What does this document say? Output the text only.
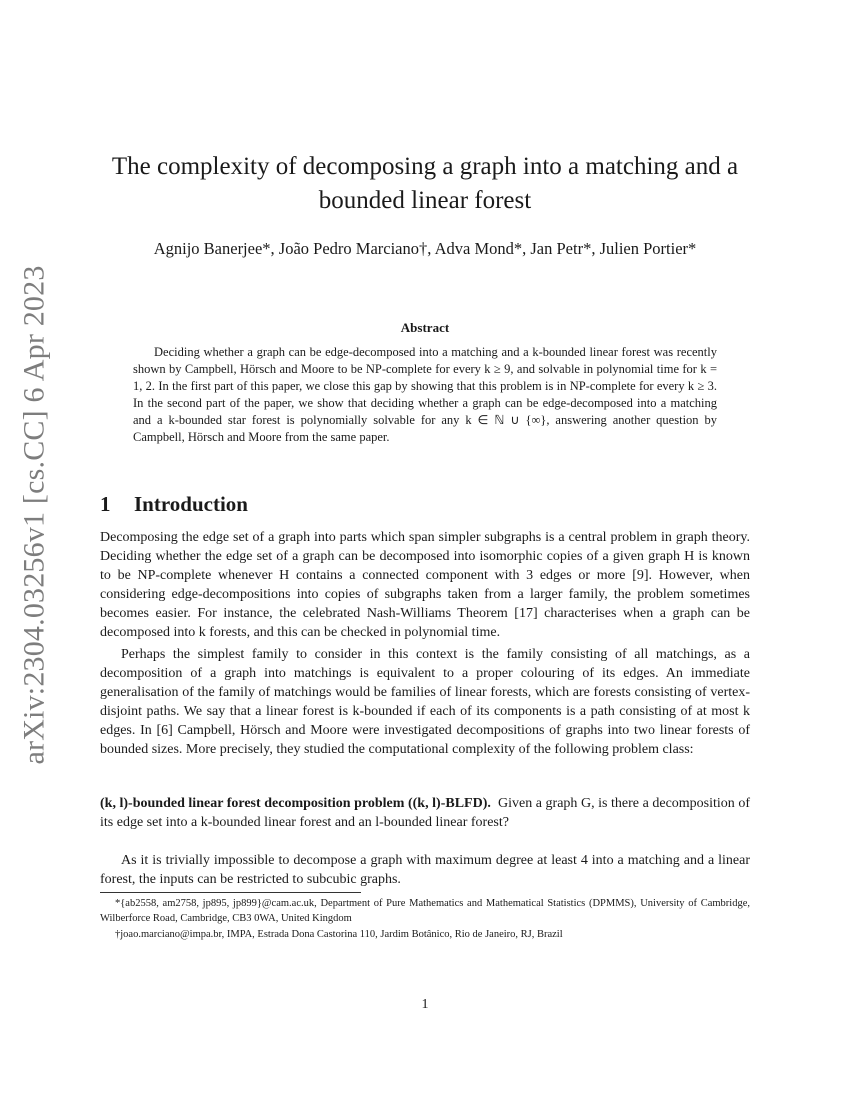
arXiv:2304.03256v1 [cs.CC] 6 Apr 2023
The complexity of decomposing a graph into a matching and a bounded linear forest

Agnijo Banerjee*, João Pedro Marciano†, Adva Mond*, Jan Petr*, Julien Portier*

Abstract

Deciding whether a graph can be edge-decomposed into a matching and a k-bounded linear forest was recently shown by Campbell, Hörsch and Moore to be NP-complete for every k ≥ 9, and solvable in polynomial time for k = 1, 2. In the first part of this paper, we close this gap by showing that this problem is in NP-complete for every k ≥ 3. In the second part of the paper, we show that deciding whether a graph can be edge-decomposed into a matching and a k-bounded star forest is polynomially solvable for any k ∈ ℕ ∪ {∞}, answering another question by Campbell, Hörsch and Moore from the same paper.

1 Introduction

Decomposing the edge set of a graph into parts which span simpler subgraphs is a central problem in graph theory. Deciding whether the edge set of a graph can be decomposed into isomorphic copies of a given graph H is known to be NP-complete whenever H contains a connected component with 3 edges or more [9]. However, when considering edge-decompositions into copies of subgraphs taken from a larger family, the problem sometimes becomes easier. For instance, the celebrated Nash-Williams Theorem [17] characterises when a graph can be decomposed into k forests, and this can be checked in polynomial time.

Perhaps the simplest family to consider in this context is the family consisting of all matchings, as a decomposition of a graph into matchings is equivalent to a proper colouring of its edges. An immediate generalisation of the family of matchings would be families of linear forests, which are forests consisting of vertex-disjoint paths. We say that a linear forest is k-bounded if each of its components is a path consisting of at most k edges. In [6] Campbell, Hörsch and Moore were investigated decompositions of graphs into two linear forests of bounded sizes. More precisely, they studied the computational complexity of the following problem class:

(k, l)-bounded linear forest decomposition problem ((k, l)-BLFD). Given a graph G, is there a decomposition of its edge set into a k-bounded linear forest and an l-bounded linear forest?

As it is trivially impossible to decompose a graph with maximum degree at least 4 into a matching and a linear forest, the inputs can be restricted to subcubic graphs.

*{ab2558, am2758, jp895, jp899}@cam.ac.uk, Department of Pure Mathematics and Mathematical Statistics (DPMMS), University of Cambridge, Wilberforce Road, Cambridge, CB3 0WA, United Kingdom

†joao.marciano@impa.br, IMPA, Estrada Dona Castorina 110, Jardim Botânico, Rio de Janeiro, RJ, Brazil

1
